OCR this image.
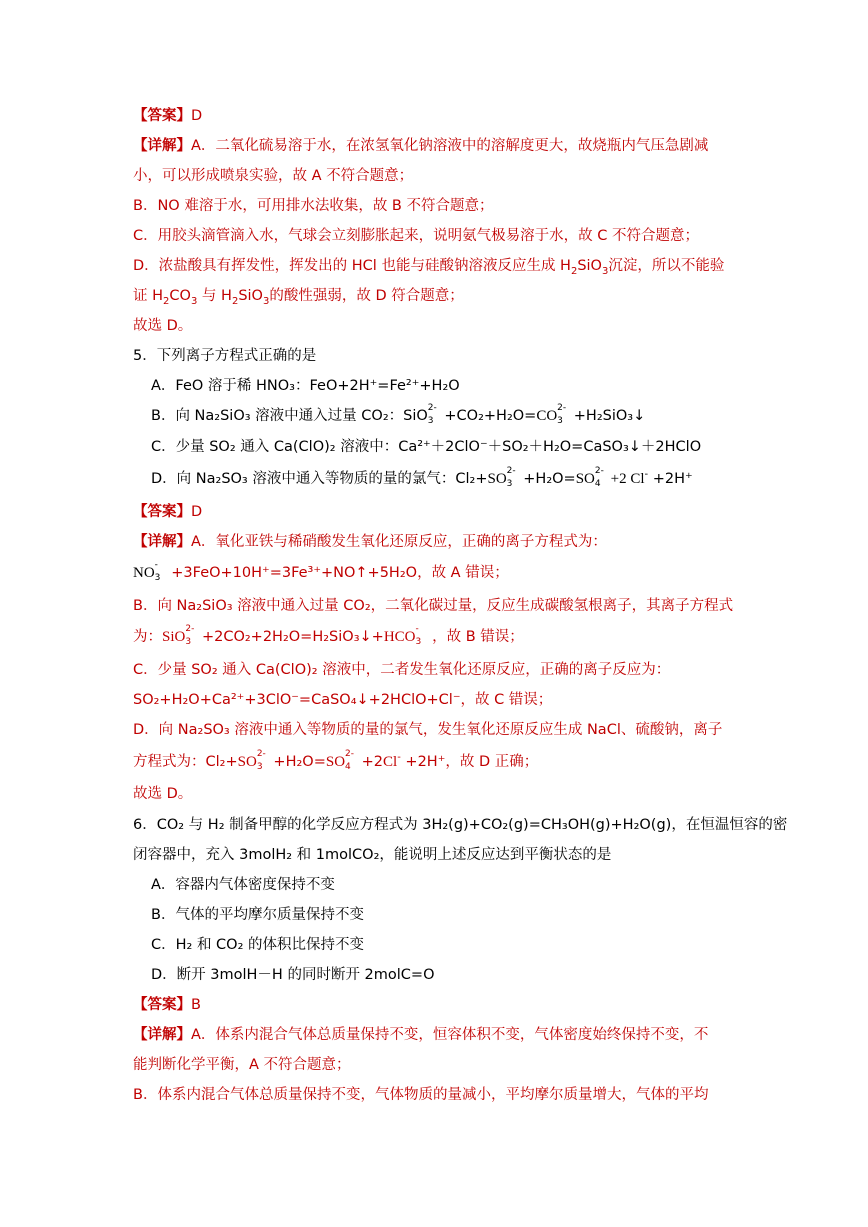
【答案】D
【详解】A．二氧化硫易溶于水，在浓氢氧化钠溶液中的溶解度更大，故烧瓶内气压急剧减
小，可以形成喷泉实验，故 A 不符合题意；
B．NO 难溶于水，可用排水法收集，故 B 不符合题意；
C．用胶头滴管滴入水，气球会立刻膨胀起来，说明氨气极易溶于水，故 C 不符合题意；
D．浓盐酸具有挥发性，挥发出的 HCl 也能与硅酸钠溶液反应生成 $H_2SiO_3$沉淀，所以不能验
证 $H_2CO_3$ 与 $H_2SiO_3$的酸性强弱，故 D 符合题意；
故选 D。
5．下列离子方程式正确的是
A．FeO 溶于稀 HNO₃：FeO+2H⁺=Fe²⁺+H₂O
B．向 Na₂SiO₃ 溶液中通入过量 CO₂：SiO 2-
3 +CO₂+H₂O=CO 2-
3 +H₂SiO₃↓
C．少量 SO₂ 通入 Ca(ClO)₂ 溶液中：Ca²⁺＋2ClO⁻＋SO₂＋H₂O=CaSO₃↓＋2HClO
D．向 Na₂SO₃ 溶液中通入等物质的量的氯气：Cl₂+SO 2-
3 +H₂O=SO 2-
4 +2 Cl- +2H⁺
【答案】D
【详解】A．氧化亚铁与稀硝酸发生氧化还原反应，正确的离子方程式为：
NO -
3 +3FeO+10H⁺=3Fe³⁺+NO↑+5H₂O，故 A 错误；
B．向 Na₂SiO₃ 溶液中通入过量 CO₂，二氧化碳过量，反应生成碳酸氢根离子，其离子方程式
为：SiO 2-
3 +2CO₂+2H₂O=H₂SiO₃↓+HCO -
3 ，故 B 错误；
C．少量 SO₂ 通入 Ca(ClO)₂ 溶液中，二者发生氧化还原反应，正确的离子反应为：
SO₂+H₂O+Ca²⁺+3ClO⁻=CaSO₄↓+2HClO+Cl⁻，故 C 错误；
D．向 Na₂SO₃ 溶液中通入等物质的量的氯气，发生氧化还原反应生成 NaCl、硫酸钠，离子
方程式为：Cl₂+SO 2-
3 +H₂O=SO 2-
4 +2Cl- +2H⁺，故 D 正确；
故选 D。
6．CO₂ 与 H₂ 制备甲醇的化学反应方程式为 3H₂(g)+CO₂(g)=CH₃OH(g)+H₂O(g)，在恒温恒容的密
闭容器中，充入 3molH₂ 和 1molCO₂，能说明上述反应达到平衡状态的是
A．容器内气体密度保持不变
B．气体的平均摩尔质量保持不变
C．H₂ 和 CO₂ 的体积比保持不变
D．断开 3molH－H 的同时断开 2molC=O
【答案】B
【详解】A．体系内混合气体总质量保持不变，恒容体积不变，气体密度始终保持不变，不
能判断化学平衡，A 不符合题意；
B．体系内混合气体总质量保持不变，气体物质的量减小，平均摩尔质量增大，气体的平均
